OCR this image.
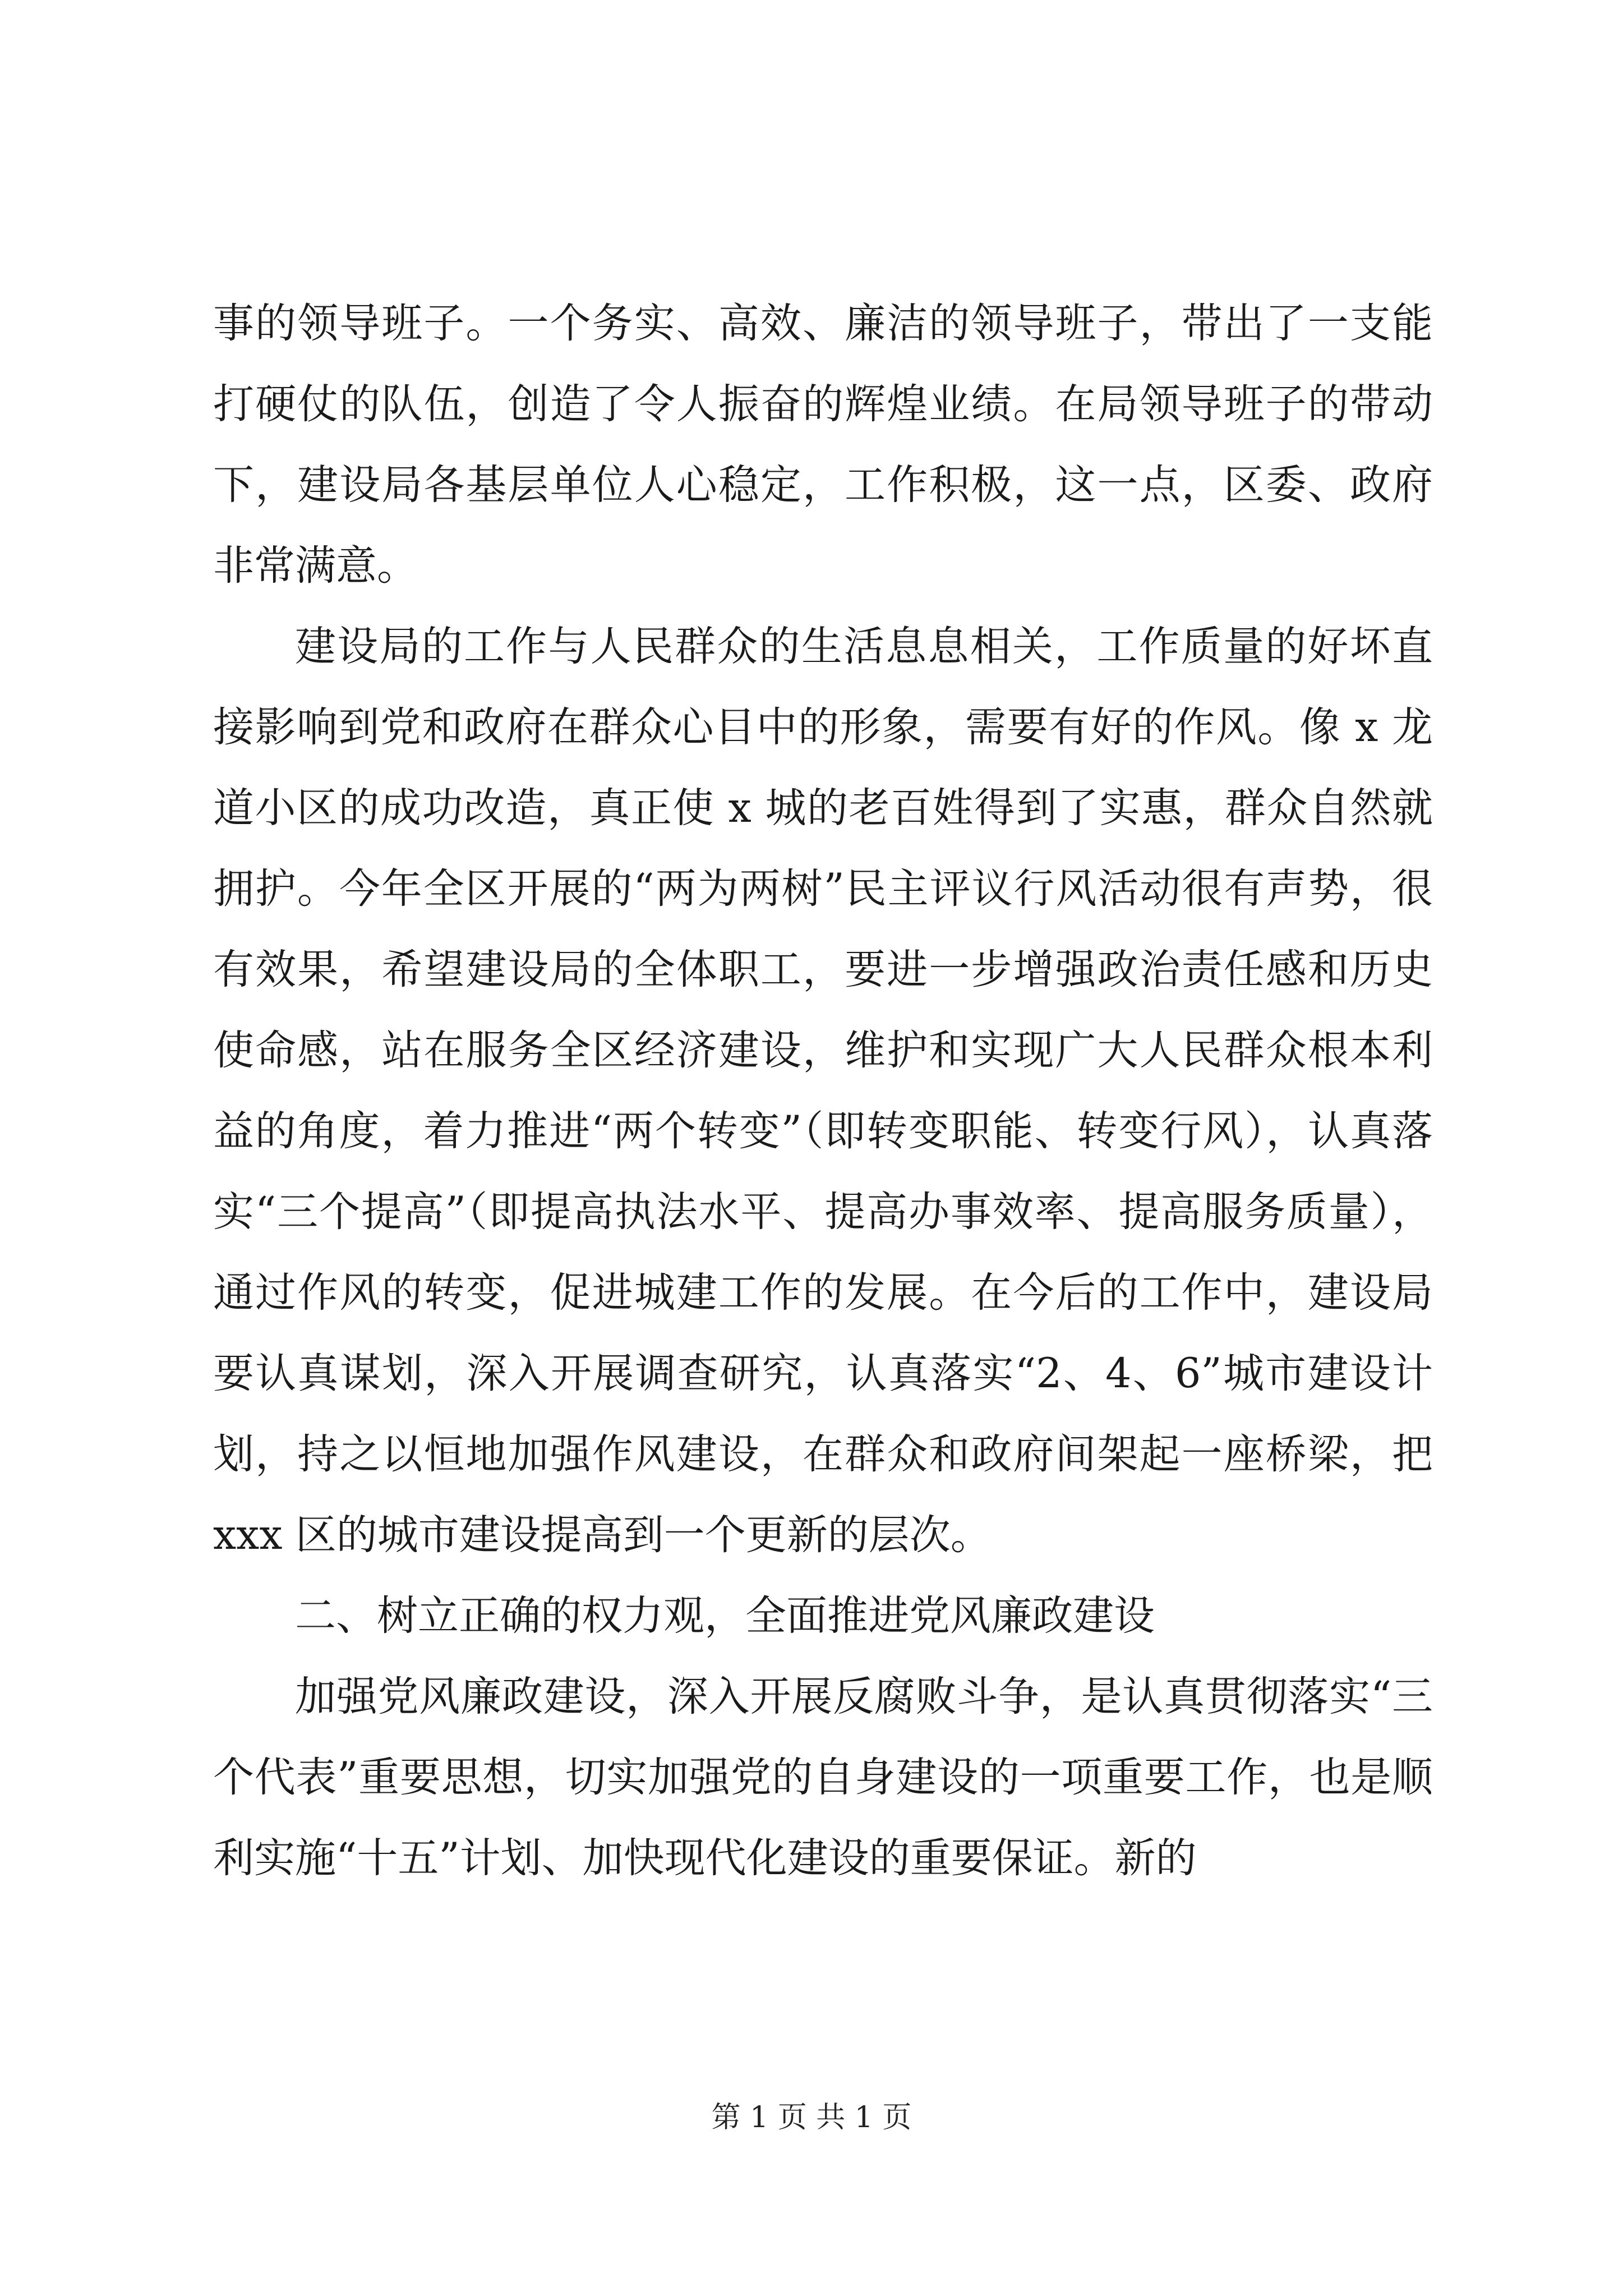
事的领导班子。一个务实、高效、廉洁的领导班子，带出了一支能打硬仗的队伍，创造了令人振奋的辉煌业绩。在局领导班子的带动下，建设局各基层单位人心稳定，工作积极，这一点，区委、政府非常满意。

建设局的工作与人民群众的生活息息相关，工作质量的好坏直接影响到党和政府在群众心目中的形象，需要有好的作风。像 x 龙道小区的成功改造，真正使 x 城的老百姓得到了实惠，群众自然就拥护。今年全区开展的“两为两树”民主评议行风活动很有声势，很有效果，希望建设局的全体职工，要进一步增强政治责任感和历史使命感，站在服务全区经济建设，维护和实现广大人民群众根本利益的角度，着力推进“两个转变”（即转变职能、转变行风），认真落实“三个提高”（即提高执法水平、提高办事效率、提高服务质量），通过作风的转变，促进城建工作的发展。在今后的工作中，建设局要认真谋划，深入开展调查研究，认真落实“2、4、6”城市建设计划，持之以恒地加强作风建设，在群众和政府间架起一座桥梁，把 xxx 区的城市建设提高到一个更新的层次。

二、树立正确的权力观，全面推进党风廉政建设

加强党风廉政建设，深入开展反腐败斗争，是认真贯彻落实“三个代表”重要思想，切实加强党的自身建设的一项重要工作，也是顺利实施“十五”计划、加快现代化建设的重要保证。新的

第 1 页 共 1 页
